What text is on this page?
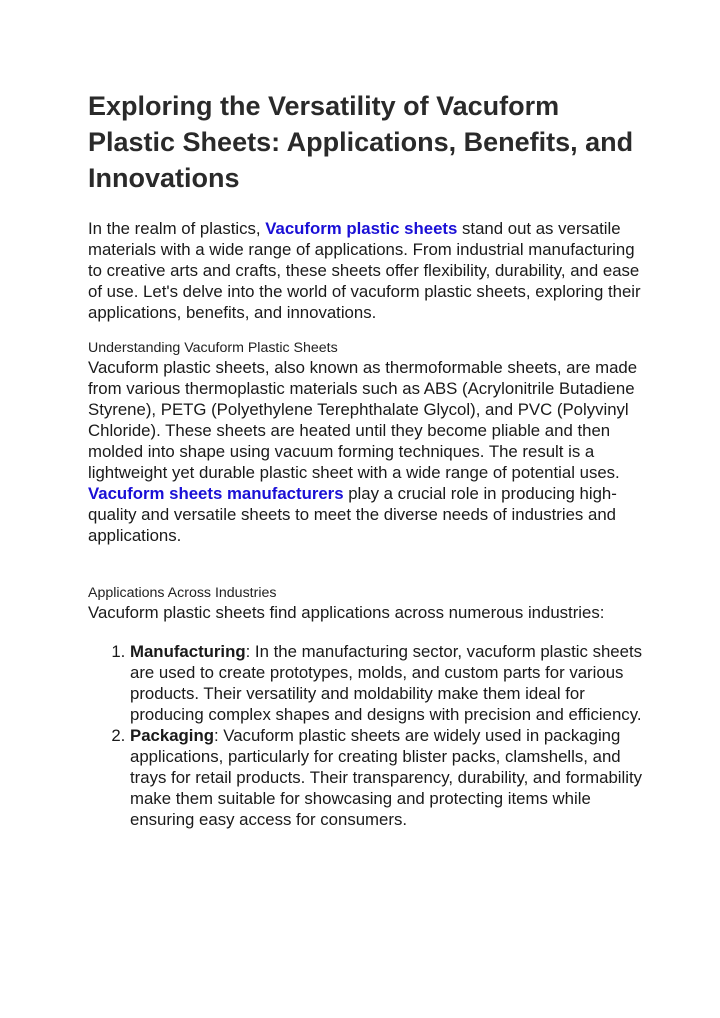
Exploring the Versatility of Vacuform Plastic Sheets: Applications, Benefits, and Innovations

In the realm of plastics, Vacuform plastic sheets stand out as versatile materials with a wide range of applications. From industrial manufacturing to creative arts and crafts, these sheets offer flexibility, durability, and ease of use. Let's delve into the world of vacuform plastic sheets, exploring their applications, benefits, and innovations.

Understanding Vacuform Plastic Sheets

Vacuform plastic sheets, also known as thermoformable sheets, are made from various thermoplastic materials such as ABS (Acrylonitrile Butadiene Styrene), PETG (Polyethylene Terephthalate Glycol), and PVC (Polyvinyl Chloride). These sheets are heated until they become pliable and then molded into shape using vacuum forming techniques. The result is a lightweight yet durable plastic sheet with a wide range of potential uses. Vacuform sheets manufacturers play a crucial role in producing high-quality and versatile sheets to meet the diverse needs of industries and applications.

Applications Across Industries

Vacuform plastic sheets find applications across numerous industries:

1. Manufacturing: In the manufacturing sector, vacuform plastic sheets are used to create prototypes, molds, and custom parts for various products. Their versatility and moldability make them ideal for producing complex shapes and designs with precision and efficiency.
2. Packaging: Vacuform plastic sheets are widely used in packaging applications, particularly for creating blister packs, clamshells, and trays for retail products. Their transparency, durability, and formability make them suitable for showcasing and protecting items while ensuring easy access for consumers.
